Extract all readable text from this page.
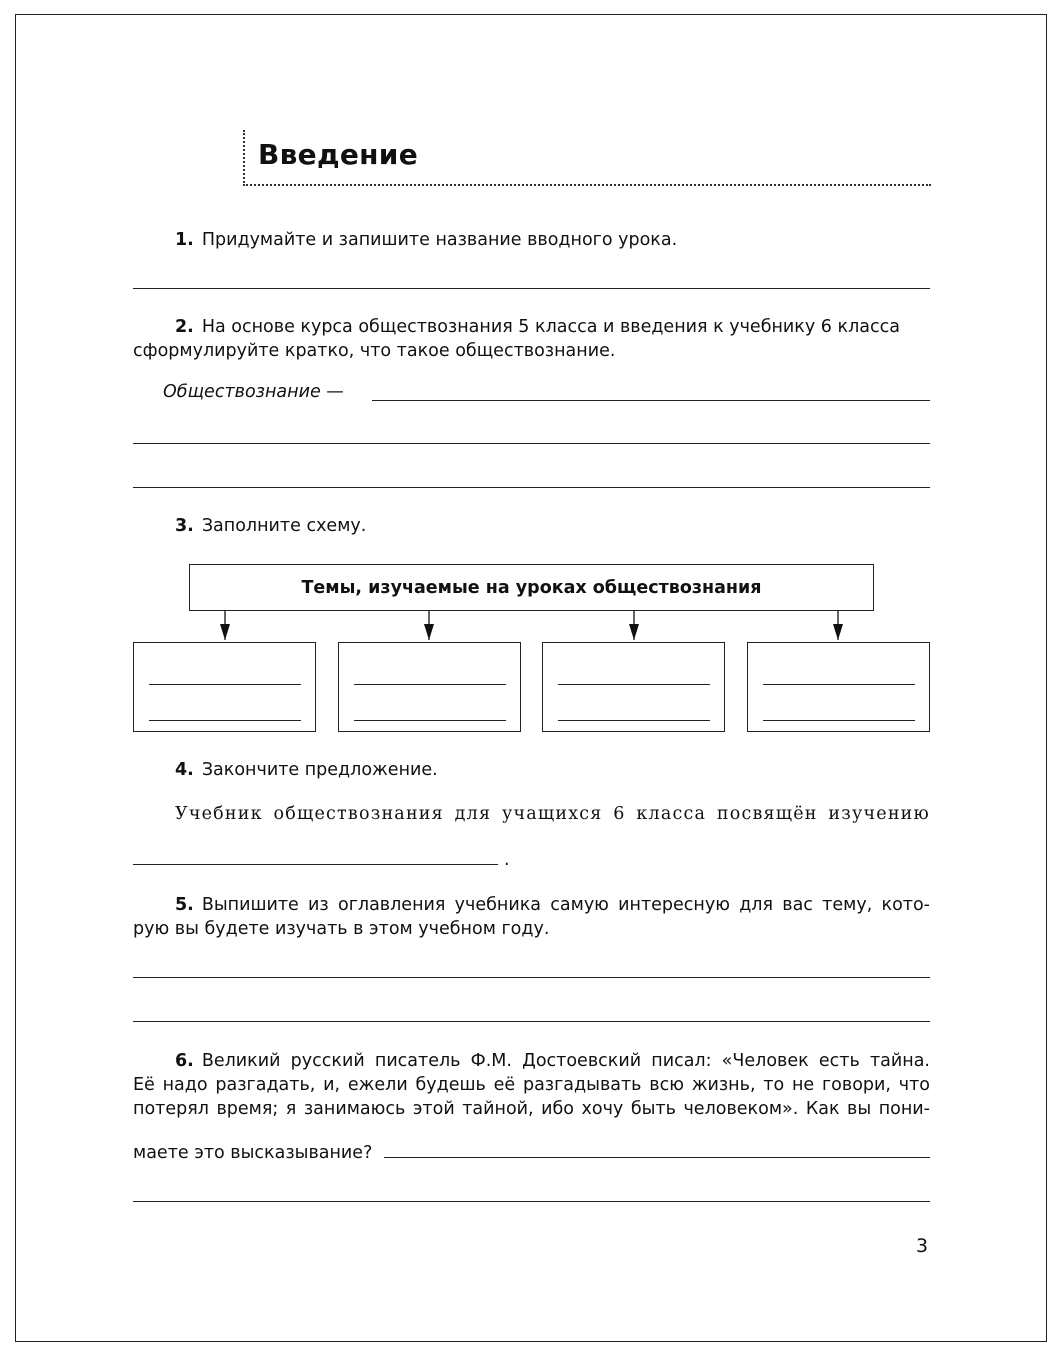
Введение
1. Придумайте и запишите название вводного урока.
2. На основе курса обществознания 5 класса и введения к учебнику 6 класса
сформулируйте кратко, что такое обществознание.
Обществознание —
3. Заполните схему.
Темы, изучаемые на уроках обществознания
4. Закончите предложение.
Учебник обществознания для учащихся 6 класса посвящён изучению
.
5. Выпишите из оглавления учебника самую интересную для вас тему, кото-
рую вы будете изучать в этом учебном году.
6. Великий русский писатель Ф.М. Достоевский писал: «Человек есть тайна.
Её надо разгадать, и, ежели будешь её разгадывать всю жизнь, то не говори, что
потерял время; я занимаюсь этой тайной, ибо хочу быть человеком». Как вы пони-
маете это высказывание?
3
